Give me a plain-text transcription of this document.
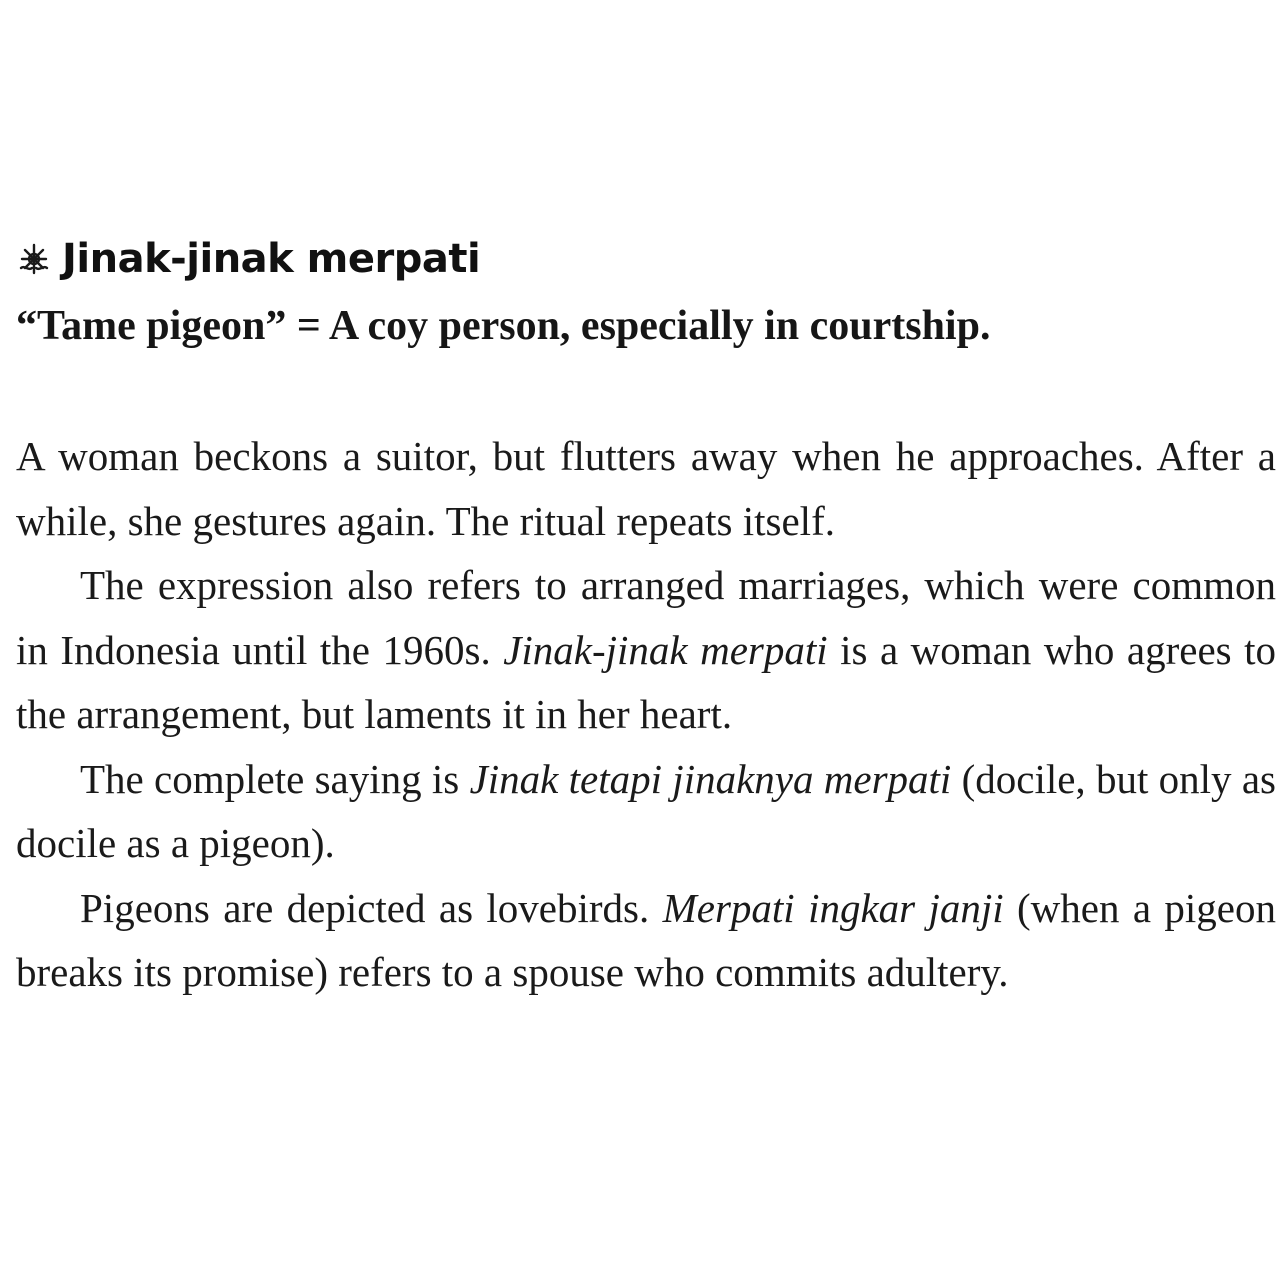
Jinak-jinak merpati
“Tame pigeon” = A coy person, especially in courtship.

A woman beckons a suitor, but flutters away when he approaches. After a while, she gestures again. The ritual repeats itself.

The expression also refers to arranged marriages, which were common in Indonesia until the 1960s. Jinak-jinak merpati is a woman who agrees to the arrangement, but laments it in her heart.

The complete saying is Jinak tetapi jinaknya merpati (docile, but only as docile as a pigeon).

Pigeons are depicted as lovebirds. Merpati ingkar janji (when a pigeon breaks its promise) refers to a spouse who commits adultery.
